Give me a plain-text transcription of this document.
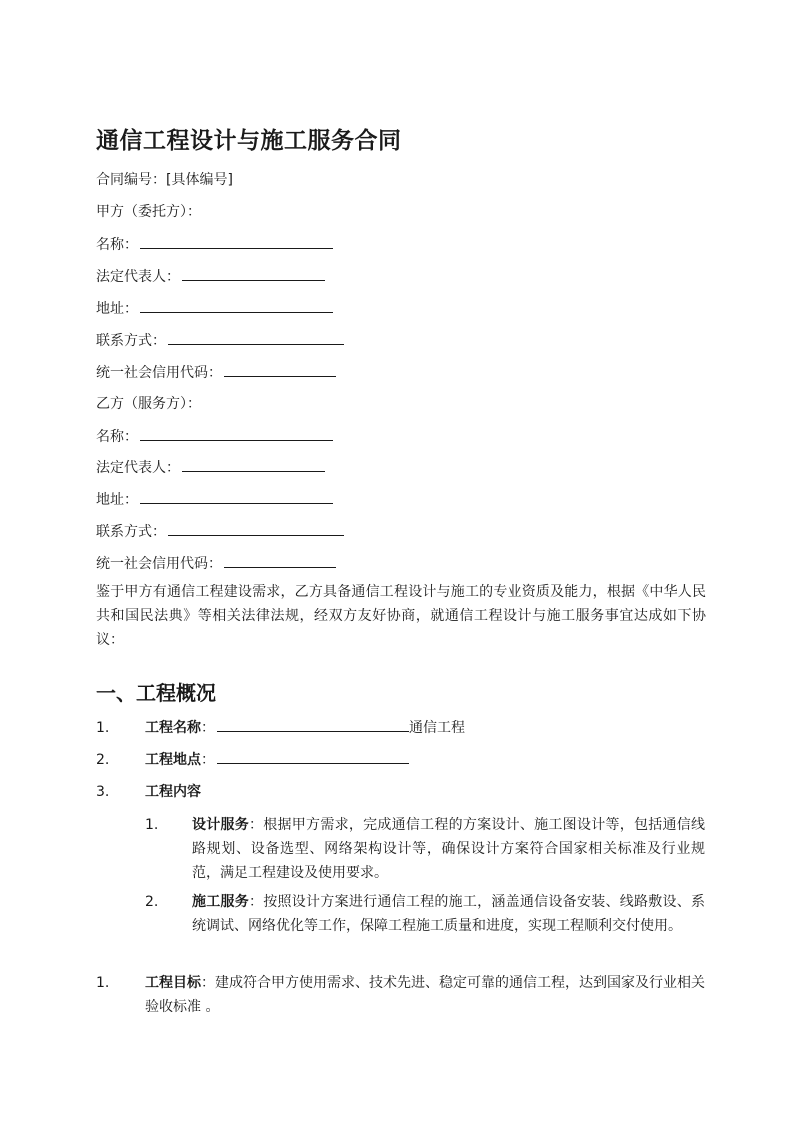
通信工程设计与施工服务合同
合同编号：[具体编号]
甲方（委托方）：
名称：
法定代表人：
地址：
联系方式：
统一社会信用代码：
乙方（服务方）：
名称：
法定代表人：
地址：
联系方式：
统一社会信用代码：
鉴于甲方有通信工程建设需求，乙方具备通信工程设计与施工的专业资质及能力，根据《中华人民共和国民法典》等相关法律法规，经双方友好协商，就通信工程设计与施工服务事宜达成如下协议：
一、工程概况
1.	工程名称：	通信工程
2.	工程地点：
3.	工程内容
1. 设计服务：根据甲方需求，完成通信工程的方案设计、施工图设计等，包括通信线路规划、设备选型、网络架构设计等，确保设计方案符合国家相关标准及行业规范，满足工程建设及使用要求。
2. 施工服务：按照设计方案进行通信工程的施工，涵盖通信设备安装、线路敷设、系统调试、网络优化等工作，保障工程施工质量和进度，实现工程顺利交付使用。
1.	工程目标：建成符合甲方使用需求、技术先进、稳定可靠的通信工程，达到国家及行业相关验收标准 。
